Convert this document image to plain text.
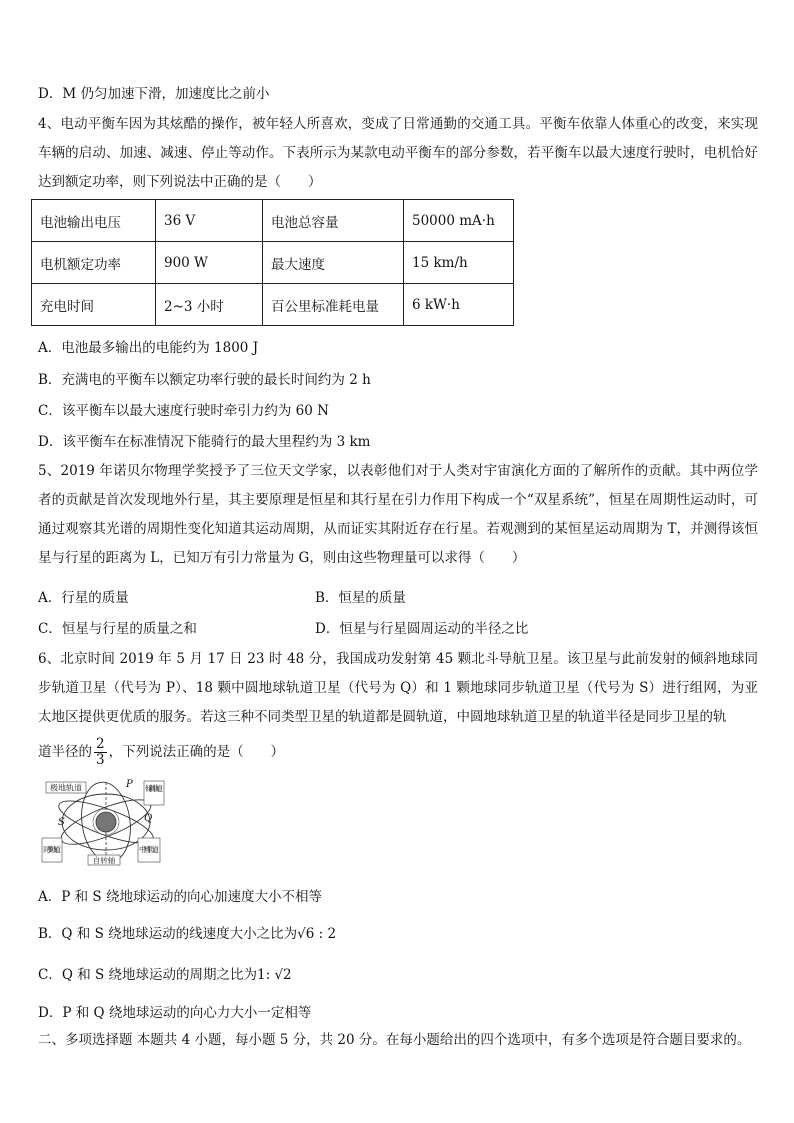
D．M 仍匀加速下滑，加速度比之前小
4、电动平衡车因为其炫酷的操作，被年轻人所喜欢，变成了日常通勤的交通工具。平衡车依靠人体重心的改变，来实现车辆的启动、加速、减速、停止等动作。下表所示为某款电动平衡车的部分参数，若平衡车以最大速度行驶时，电机恰好达到额定功率，则下列说法中正确的是（　　）
电池输出电压	36 V	电池总容量	50000 mA·h
电机额定功率	900 W	最大速度	15 km/h
充电时间	2~3 小时	百公里标准耗电量	6 kW·h
A．电池最多输出的电能约为 1800 J
B．充满电的平衡车以额定功率行驶的最长时间约为 2 h
C．该平衡车以最大速度行驶时牵引力约为 60 N
D．该平衡车在标准情况下能骑行的最大里程约为 3 km
5、2019 年诺贝尔物理学奖授予了三位天文学家，以表彰他们对于人类对宇宙演化方面的了解所作的贡献。其中两位学者的贡献是首次发现地外行星，其主要原理是恒星和其行星在引力作用下构成一个“双星系统”，恒星在周期性运动时，可通过观察其光谱的周期性变化知道其运动周期，从而证实其附近存在行星。若观测到的某恒星运动周期为 T，并测得该恒星与行星的距离为 L，已知万有引力常量为 G，则由这些物理量可以求得（　　）
A．行星的质量	B．恒星的质量
C．恒星与行星的质量之和	D．恒星与行星圆周运动的半径之比
6、北京时间 2019 年 5 月 17 日 23 时 48 分，我国成功发射第 45 颗北斗导航卫星。该卫星与此前发射的倾斜地球同步轨道卫星（代号为 P）、18 颗中圆地球轨道卫星（代号为 Q）和 1 颗地球同步轨道卫星（代号为 S）进行组网，为亚太地区提供更优质的服务。若这三种不同类型卫星的轨道都是圆轨道，中圆地球轨道卫星的轨道半径是同步卫星的轨
道半径的 $\frac{2}{3}$ ，下列说法正确的是（　　）
极地轨道	P 倾斜轨道
S	Q
同步轨道	中圆轨道
自转轴
A．P 和 S 绕地球运动的向心加速度大小不相等
B．Q 和 S 绕地球运动的线速度大小之比为√6 : 2
C．Q 和 S 绕地球运动的周期之比为1: √2
D．P 和 Q 绕地球运动的向心力大小一定相等
二、多项选择题 本题共 4 小题，每小题 5 分，共 20 分。在每小题给出的四个选项中，有多个选项是符合题目要求的。
